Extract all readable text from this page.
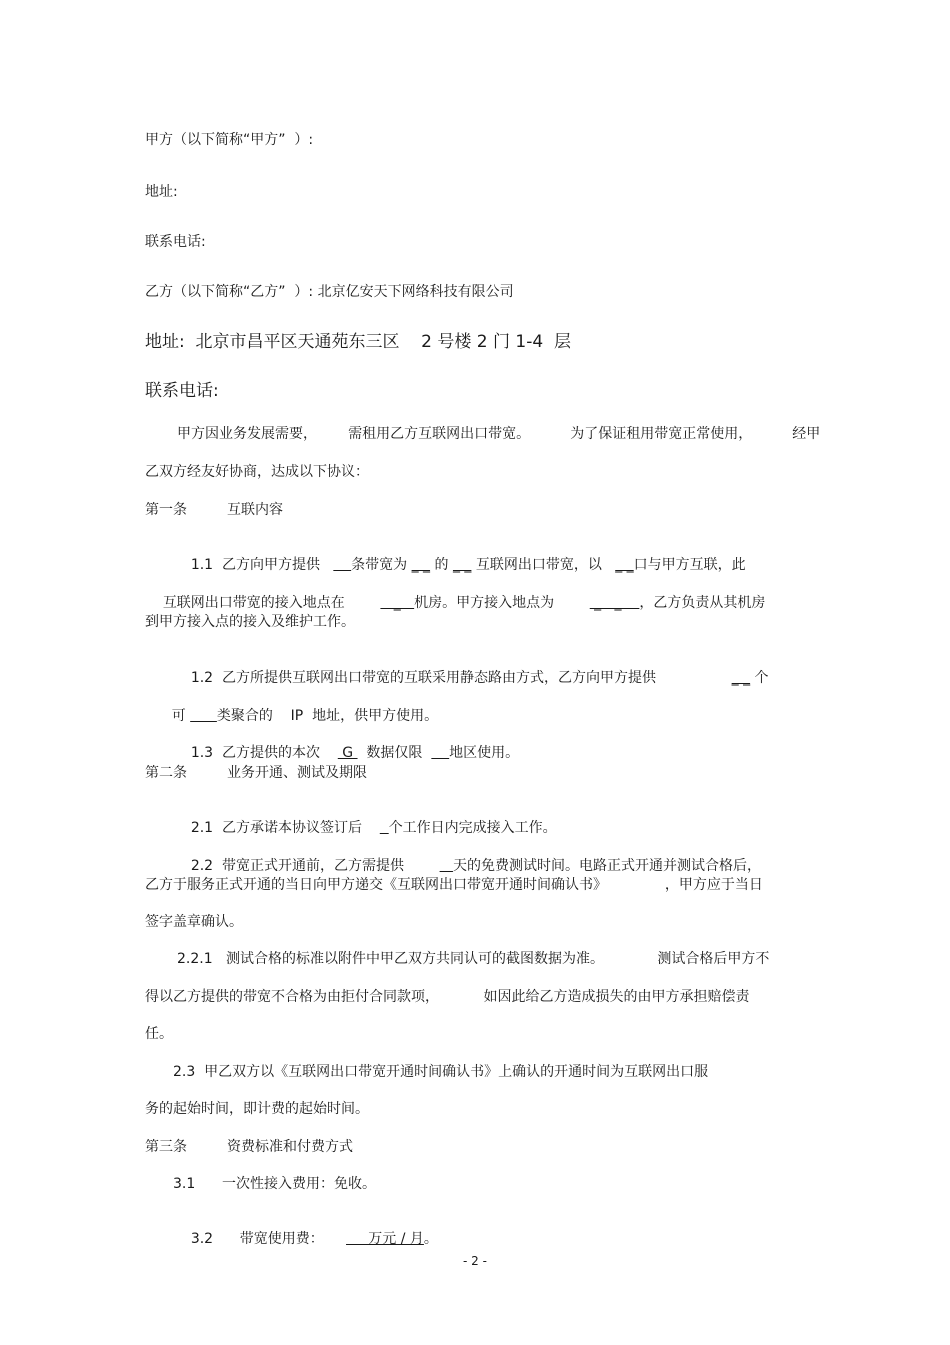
甲方（以下简称“甲方”  ）:
地址:
联系电话:
乙方（以下简称“乙方”  ）: 北京亿安天下网络科技有限公司
地址:  北京市昌平区天通苑东三区    2 号楼 2 门 1-4  层
联系电话:
甲方因业务发展需要，       需租用乙方互联网出口带宽。         为了保证租用带宽正常使用，         经甲
乙双方经友好协商，达成以下协议：
第一条         互联内容

1.1  乙方向甲方提供       条带宽为 _ _ 的 _ _ 互联网出口带宽，以   _ _口与甲方互联，此

互联网出口带宽的接入地点在           _   机房。甲方接入地点为         _   _    ，乙方负责从其机房

到甲方接入点的接入及维护工作。

1.2  乙方所提供互联网出口带宽的互联采用静态路由方式，乙方向甲方提供                 _ _ 个

可       类聚合的    IP  地址，供甲方使用。

1.3  乙方提供的本次     G   数据仅限      地区使用。

第二条         业务开通、测试及期限

2.1  乙方承诺本协议签订后      个工作日内完成接入工作。

2.2  带宽正式开通前，乙方需提供           天的免费测试时间。电路正式开通并测试合格后，

乙方于服务正式开通的当日向甲方递交《互联网出口带宽开通时间确认书》             ，甲方应于当日
签字盖章确认。
2.2.1   测试合格的标准以附件中甲乙双方共同认可的截图数据为准。            测试合格后甲方不
得以乙方提供的带宽不合格为由拒付合同款项，          如因此给乙方造成损失的由甲方承担赔偿责
任。
2.3  甲乙双方以《互联网出口带宽开通时间确认书》上确认的开通时间为互联网出口服
务的起始时间，即计费的起始时间。
第三条         资费标准和付费方式
3.1      一次性接入费用：免收。

3.2      带宽使用费：          万元 / 月。

- 2 -
